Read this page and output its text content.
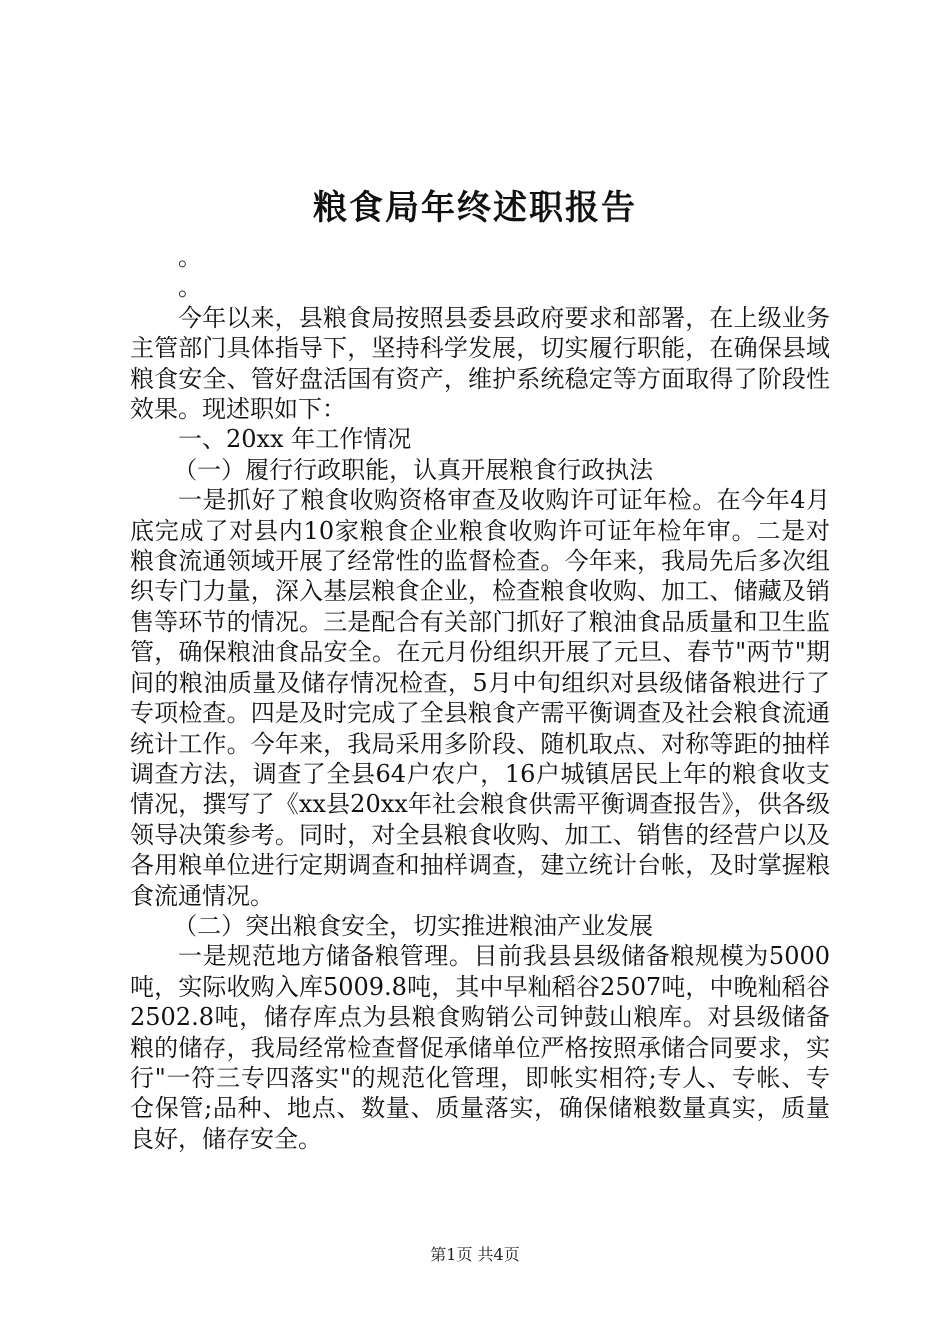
粮食局年终述职报告

。

。

今年以来，县粮食局按照县委县政府要求和部署，在上级业务主管部门具体指导下，坚持科学发展，切实履行职能，在确保县域粮食安全、管好盘活国有资产，维护系统稳定等方面取得了阶段性效果。现述职如下：

一、20xx 年工作情况

（一）履行行政职能，认真开展粮食行政执法

一是抓好了粮食收购资格审查及收购许可证年检。在今年4月底完成了对县内10家粮食企业粮食收购许可证年检年审。二是对粮食流通领域开展了经常性的监督检查。今年来，我局先后多次组织专门力量，深入基层粮食企业，检查粮食收购、加工、储藏及销售等环节的情况。三是配合有关部门抓好了粮油食品质量和卫生监管，确保粮油食品安全。在元月份组织开展了元旦、春节"两节"期间的粮油质量及储存情况检查，5月中旬组织对县级储备粮进行了专项检查。四是及时完成了全县粮食产需平衡调查及社会粮食流通统计工作。今年来，我局采用多阶段、随机取点、对称等距的抽样调查方法，调查了全县64户农户，16户城镇居民上年的粮食收支情况，撰写了《xx县20xx年社会粮食供需平衡调查报告》，供各级领导决策参考。同时，对全县粮食收购、加工、销售的经营户以及各用粮单位进行定期调查和抽样调查，建立统计台帐，及时掌握粮食流通情况。

（二）突出粮食安全，切实推进粮油产业发展

一是规范地方储备粮管理。目前我县县级储备粮规模为5000吨，实际收购入库5009.8吨，其中早籼稻谷2507吨，中晚籼稻谷2502.8吨，储存库点为县粮食购销公司钟鼓山粮库。对县级储备粮的储存，我局经常检查督促承储单位严格按照承储合同要求，实行"一符三专四落实"的规范化管理，即帐实相符;专人、专帐、专仓保管;品种、地点、数量、质量落实，确保储粮数量真实，质量良好，储存安全。

第1页 共4页
